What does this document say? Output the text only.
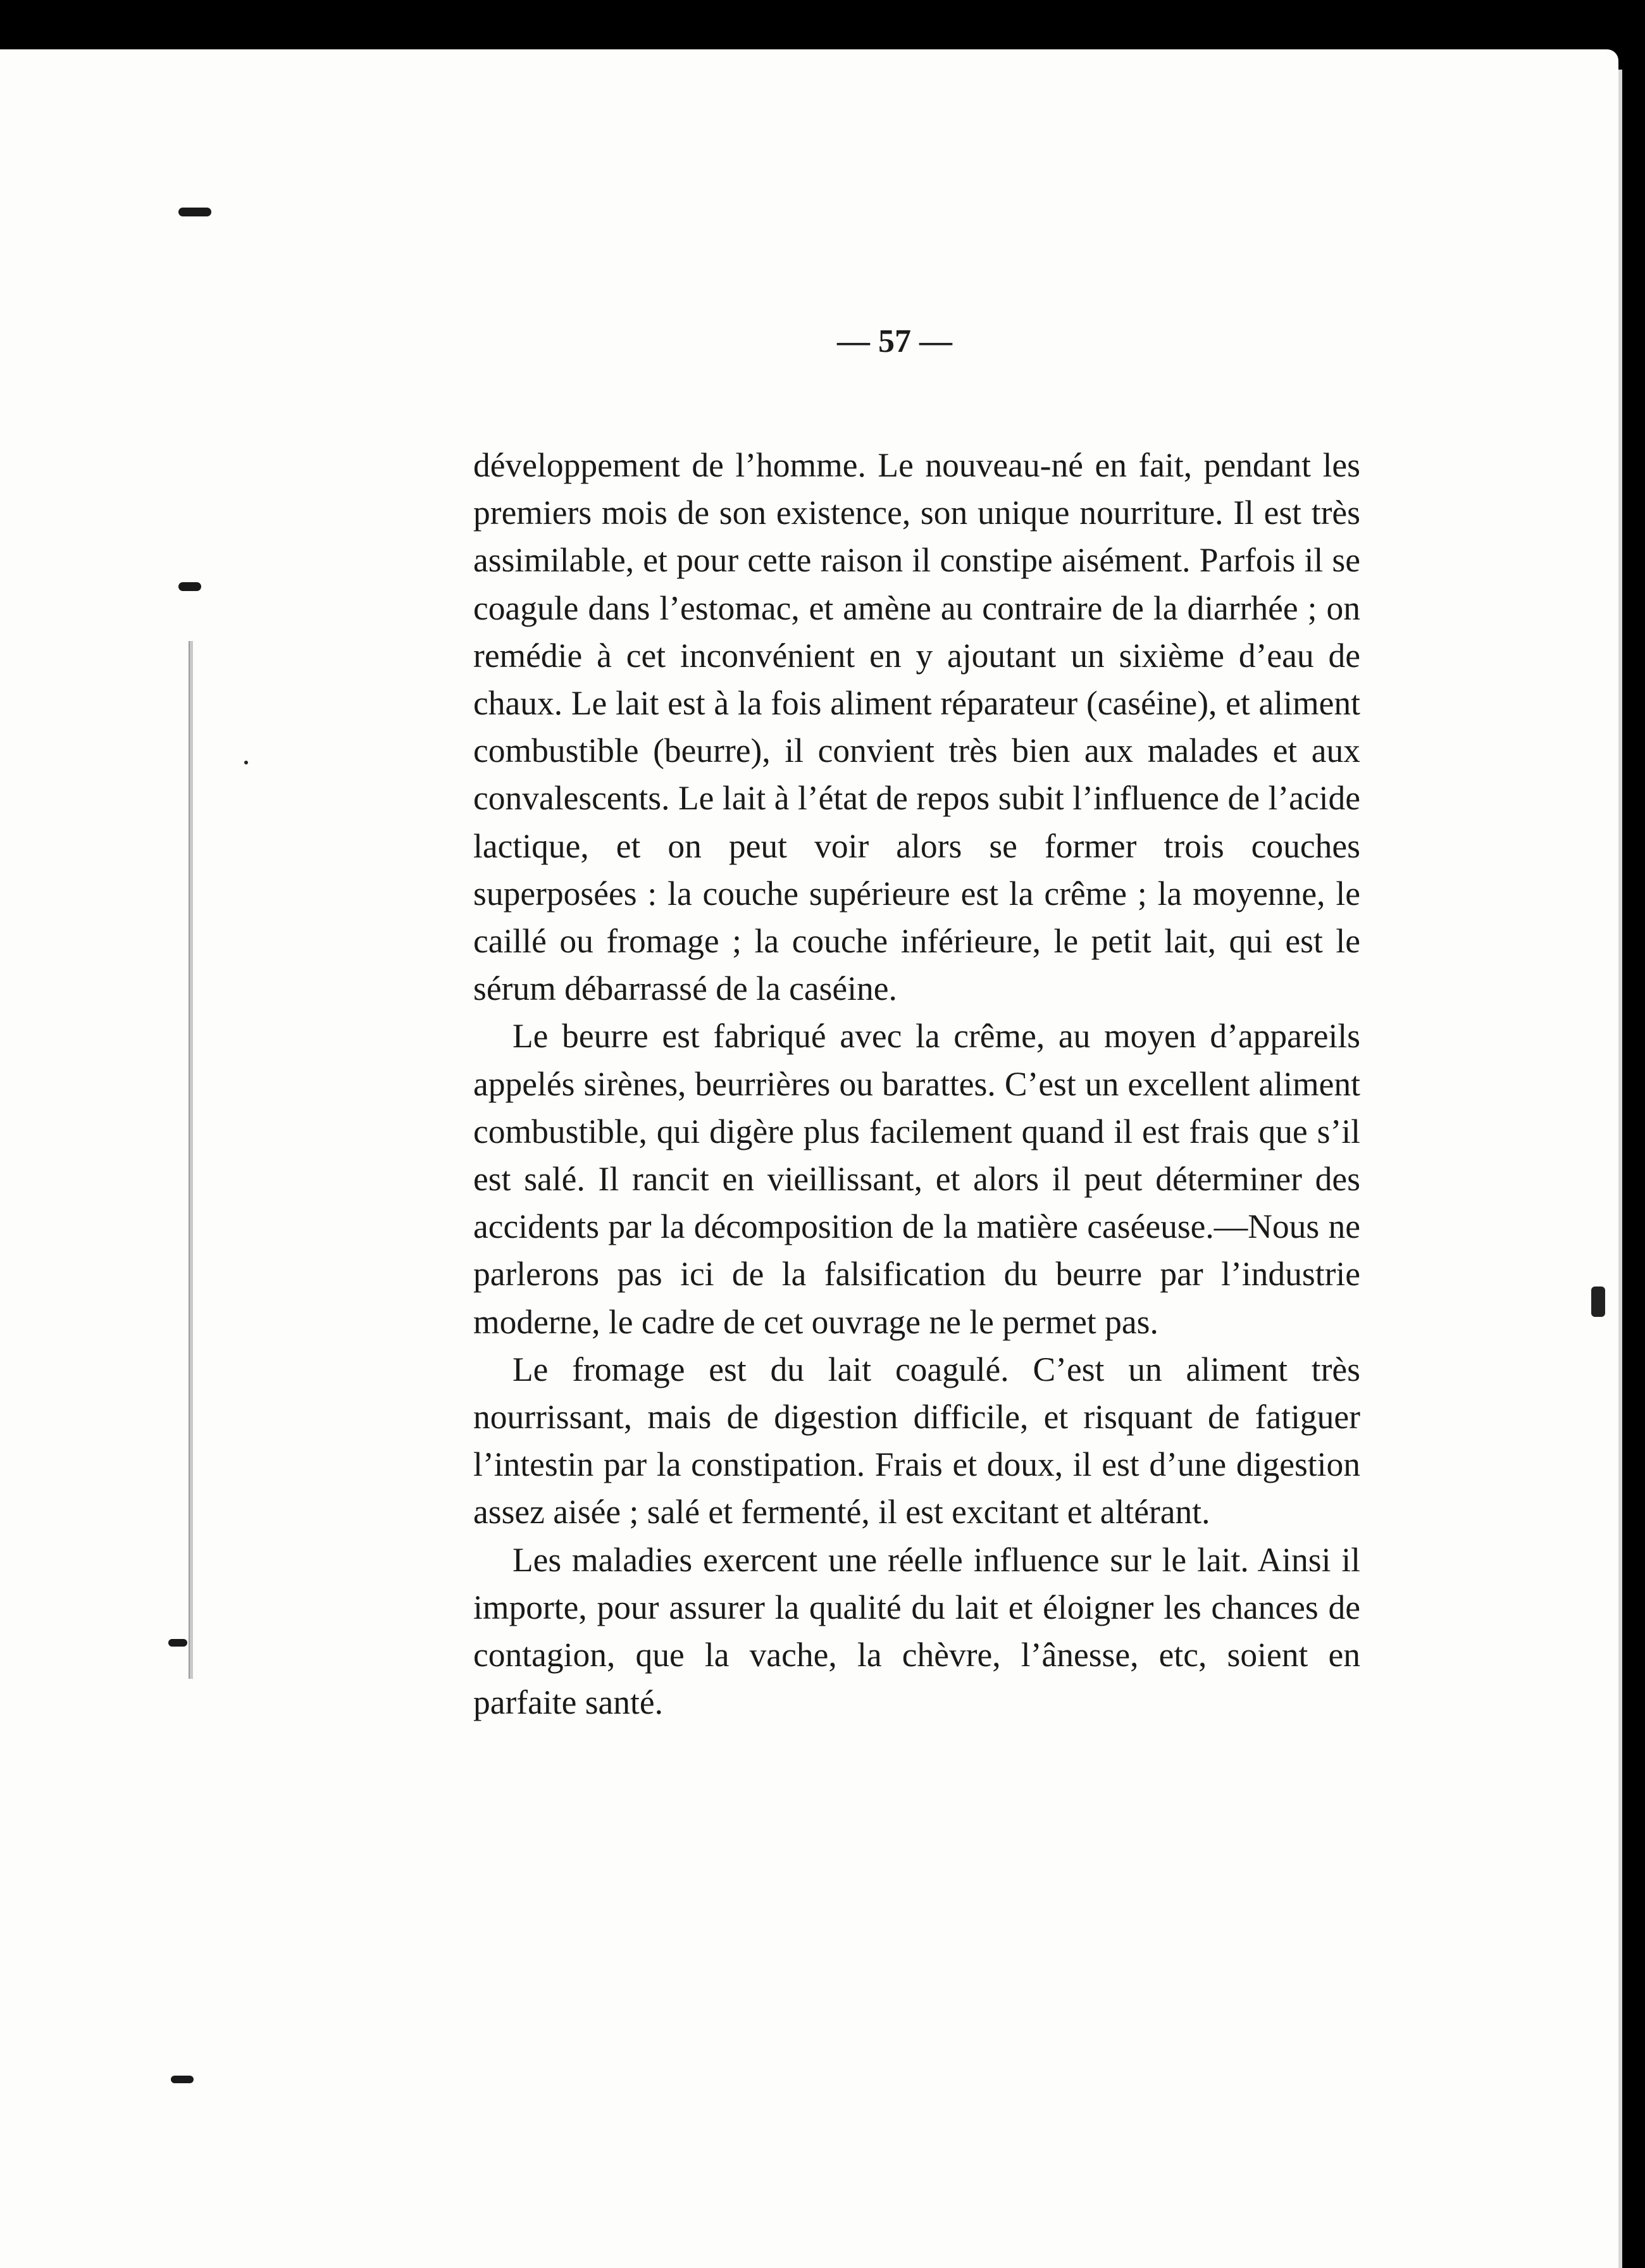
— 57 —

développement de l’homme. Le nouveau-né en fait, pendant les premiers mois de son existence, son unique nourriture. Il est très assimilable, et pour cette raison il constipe aisément. Parfois il se coagule dans l’estomac, et amène au contraire de la diarrhée ; on remédie à cet inconvénient en y ajoutant un sixième d’eau de chaux. Le lait est à la fois aliment réparateur (caséine), et aliment combustible (beurre), il convient très bien aux malades et aux convalescents. Le lait à l’état de repos subit l’influence de l’acide lactique, et on peut voir alors se former trois couches superposées : la couche supérieure est la crême ; la moyenne, le caillé ou fromage ; la couche inférieure, le petit lait, qui est le sérum débarrassé de la caséine.

Le beurre est fabriqué avec la crême, au moyen d’appareils appelés sirènes, beurrières ou barattes. C’est un excellent aliment combustible, qui digère plus facilement quand il est frais que s’il est salé. Il rancit en vieillissant, et alors il peut déterminer des accidents par la décomposition de la matière caséeuse.—Nous ne parlerons pas ici de la falsification du beurre par l’industrie moderne, le cadre de cet ouvrage ne le permet pas.

Le fromage est du lait coagulé. C’est un aliment très nourrissant, mais de digestion difficile, et risquant de fatiguer l’intestin par la constipation. Frais et doux, il est d’une digestion assez aisée ; salé et fermenté, il est excitant et altérant.

Les maladies exercent une réelle influence sur le lait. Ainsi il importe, pour assurer la qualité du lait et éloigner les chances de contagion, que la vache, la chèvre, l’ânesse, etc, soient en parfaite santé.
